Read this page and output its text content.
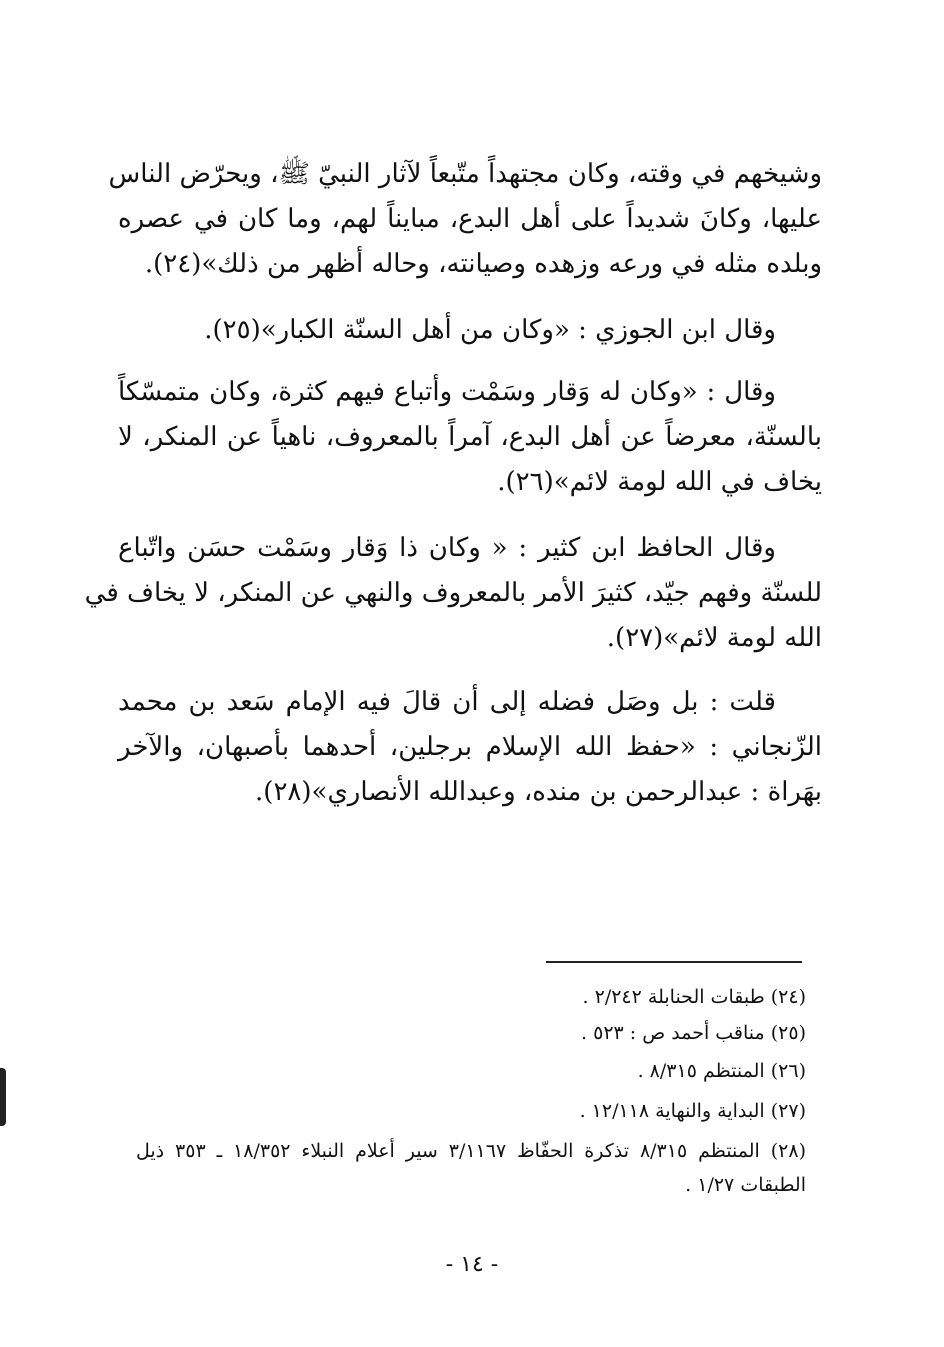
وشيخهم في وقته، وكان مجتهداً متّبعاً لآثار النبيّ ﷺ، ويحرّض الناس
عليها، وكانَ شديداً على أهل البدع، مبايناً لهم، وما كان في عصره
وبلده مثله في ورعه وزهده وصيانته، وحاله أظهر من ذلك»(٢٤).

وقال ابن الجوزي : «وكان من أهل السنّة الكبار»(٢٥).

وقال : «وكان له وَقار وسَمْت وأتباع فيهم كثرة، وكان متمسّكاً
بالسنّة، معرضاً عن أهل البدع، آمراً بالمعروف، ناهياً عن المنكر، لا
يخاف في الله لومة لائم»(٢٦).

وقال الحافظ ابن كثير : « وكان ذا وَقار وسَمْت حسَن واتّباع
للسنّة وفهم جيّد، كثيرَ الأمر بالمعروف والنهي عن المنكر، لا يخاف في
الله لومة لائم»(٢٧).

قلت : بل وصَل فضله إلى أن قالَ فيه الإمام سَعد بن محمد
الزّنجاني : «حفظ الله الإسلام برجلين، أحدهما بأصبهان، والآخر
بهَراة : عبدالرحمن بن منده، وعبدالله الأنصاري»(٢٨).

(٢٤) طبقات الحنابلة ٢/٢٤٢ .

(٢٥) مناقب أحمد ص : ٥٢٣ .

(٢٦) المنتظم ٨/٣١٥ .

(٢٧) البداية والنهاية ١٢/١١٨ .

(٢٨) المنتظم ٨/٣١٥ تذكرة الحفّاظ ٣/١١٦٧ سير أعلام النبلاء ١٨/٣٥٢ ـ ٣٥٣ ذيل الطبقات ١/٢٧ .

- ١٤ -
